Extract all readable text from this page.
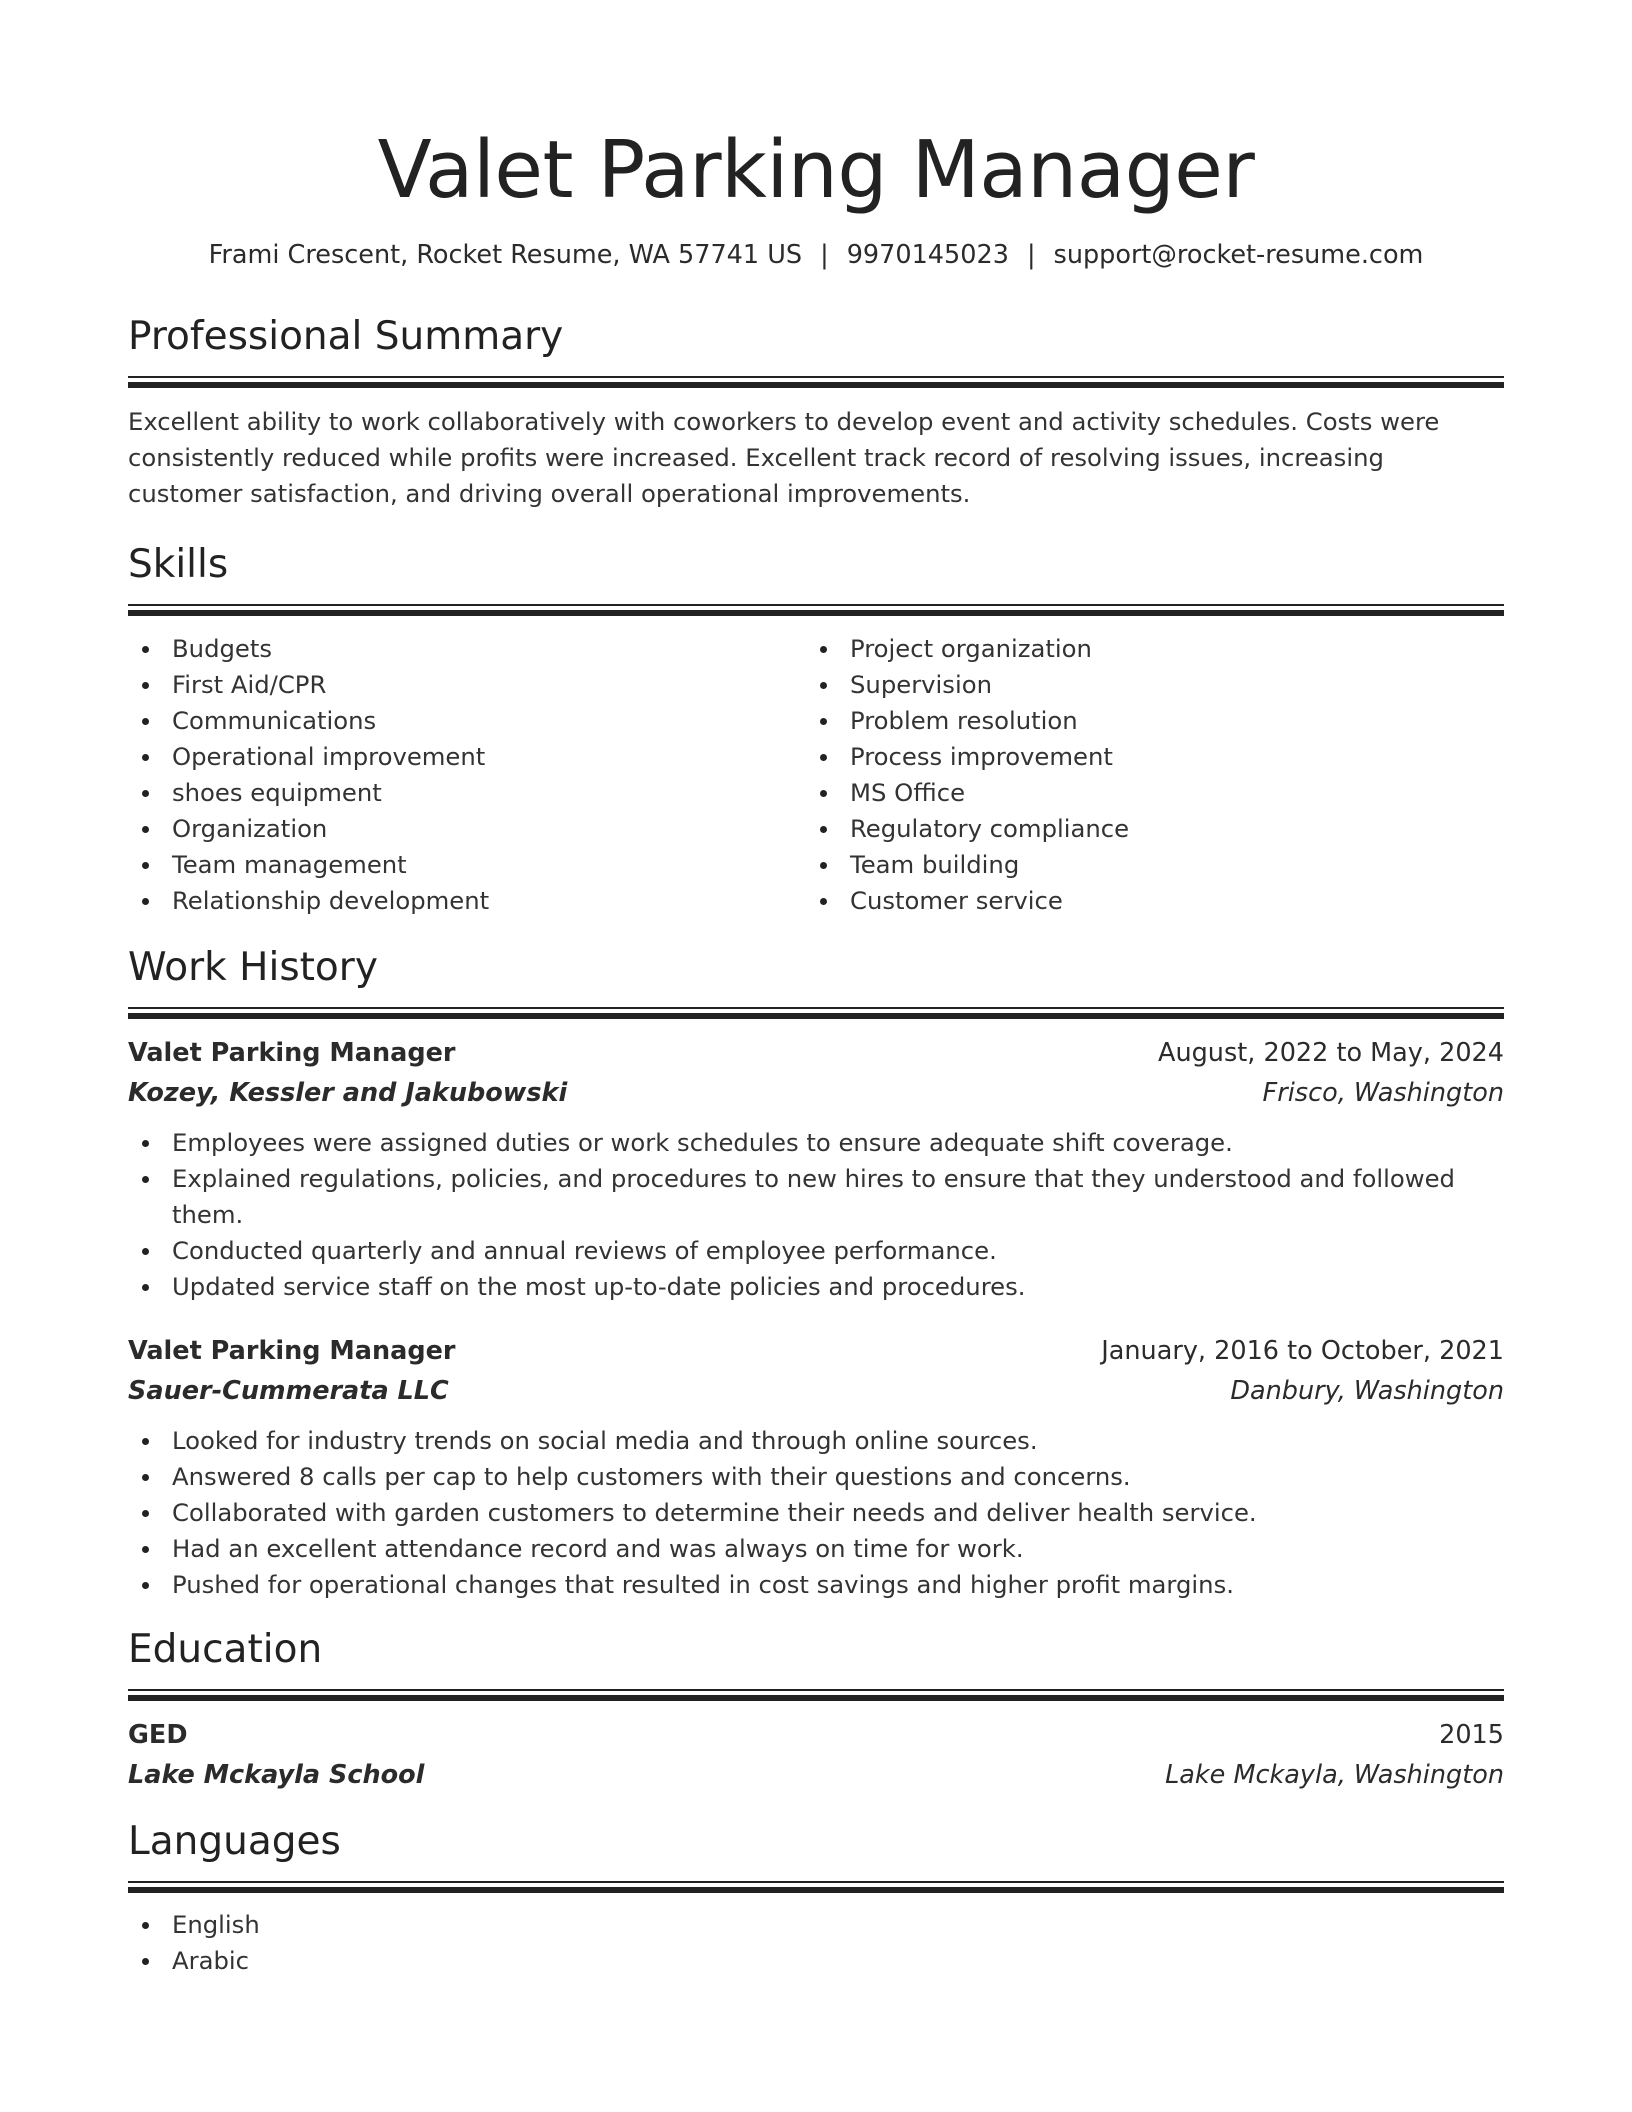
Valet Parking Manager
Frami Crescent, Rocket Resume, WA 57741 US | 9970145023 | support@rocket-resume.com
Professional Summary

Excellent ability to work collaboratively with coworkers to develop event and activity schedules. Costs were consistently reduced while profits were increased. Excellent track record of resolving issues, increasing customer satisfaction, and driving overall operational improvements.

Skills
Budgets
First Aid/CPR
Communications
Operational improvement
shoes equipment
Organization
Team management
Relationship development
Project organization
Supervision
Problem resolution
Process improvement
MS Office
Regulatory compliance
Team building
Customer service
Work History
Valet Parking Manager	August, 2022 to May, 2024
Kozey, Kessler and Jakubowski	Frisco, Washington
Employees were assigned duties or work schedules to ensure adequate shift coverage.
Explained regulations, policies, and procedures to new hires to ensure that they understood and followed them.
Conducted quarterly and annual reviews of employee performance.
Updated service staff on the most up-to-date policies and procedures.
Valet Parking Manager	January, 2016 to October, 2021
Sauer-Cummerata LLC	Danbury, Washington
Looked for industry trends on social media and through online sources.
Answered 8 calls per cap to help customers with their questions and concerns.
Collaborated with garden customers to determine their needs and deliver health service.
Had an excellent attendance record and was always on time for work.
Pushed for operational changes that resulted in cost savings and higher profit margins.
Education
GED	2015
Lake Mckayla School	Lake Mckayla, Washington
Languages
English
Arabic
